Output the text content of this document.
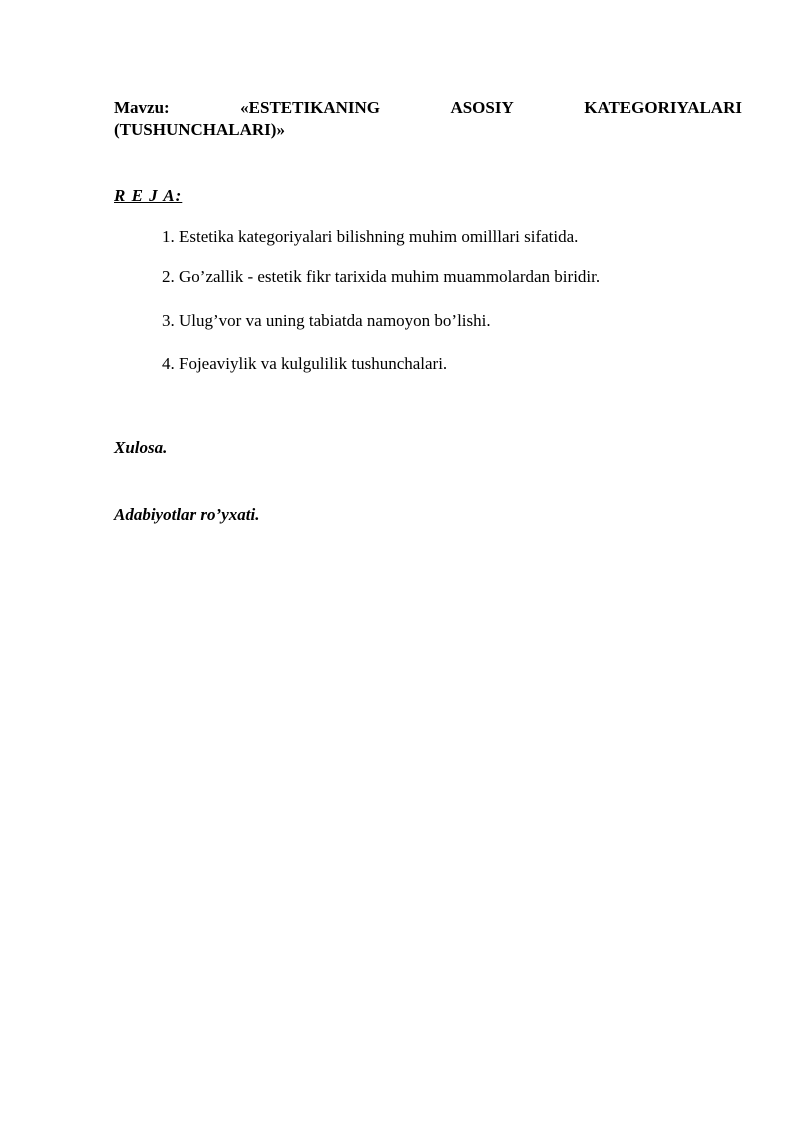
Mavzu:	«ESTETIKANING	ASOSIY	KATEGORIYALARI
(TUSHUNCHALARI)»
R E J A:
1. Estetika kategoriyalari bilishning muhim omilllari sifatida.
2. Go’zallik - estetik fikr tarixida muhim muammolardan biridir.
3. Ulug’vor va uning tabiatda namoyon bo’lishi.
4. Fojeaviylik va kulgulilik tushunchalari.
Xulosa.
Adabiyotlar ro’yxati.
